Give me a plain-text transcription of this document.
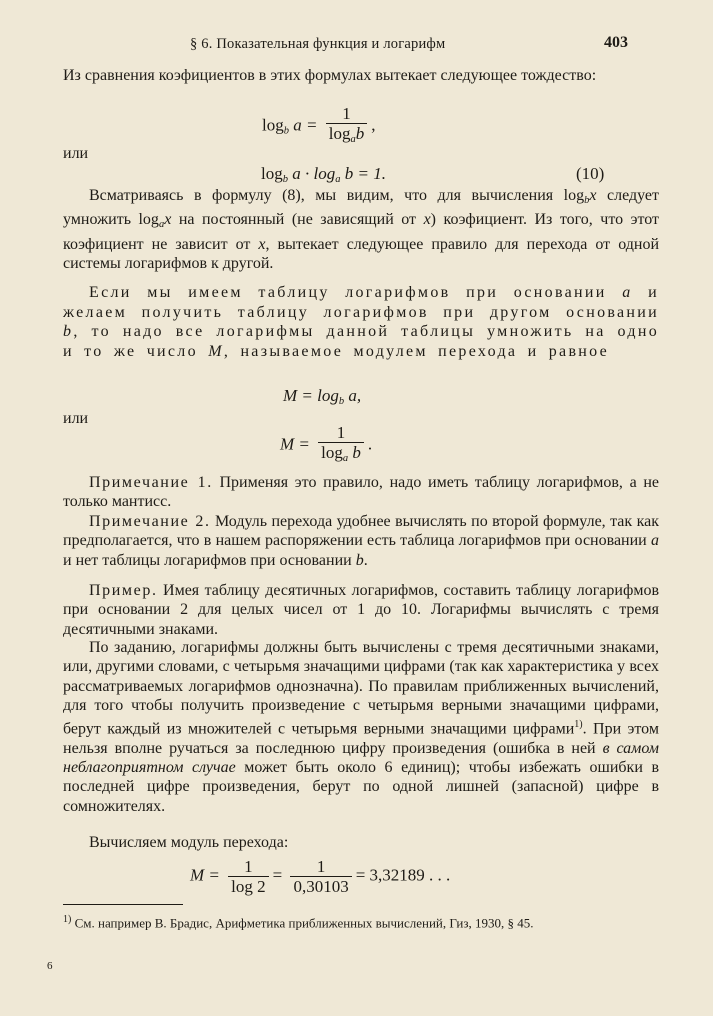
§ 6. Показательная функция и логарифм	403
Из сравнения коэфициентов в этих формулах вытекает следующее тождество:
$\log_b a = \frac{1}{\log_ab}$ ,
или
$\log_b a \cdot \log_a b = 1$.	(10)
Всматриваясь в формулу (8), мы видим, что для вычисления $\log_bx$ следует умножить $\log_ax$ на постоянный (не зависящий от x) коэфициент. Из того, что этот коэфициент не зависит от x, вытекает следующее правило для перехода от одной системы логарифмов к другой.
Если мы имеем таблицу логарифмов при основании a и желаем получить таблицу логарифмов при другом основании b, то надо все логарифмы данной таблицы умножить на одно и то же число M, называемое модулем перехода и равное
$M = \log_b a$,
или
$M = \frac{1}{\log_a b}$ .
Примечание 1. Применяя это правило, надо иметь таблицу логарифмов, а не только мантисс.
Примечание 2. Модуль перехода удобнее вычислять по второй формуле, так как предполагается, что в нашем распоряжении есть таблица логарифмов при основании a и нет таблицы логарифмов при основании b.
Пример. Имея таблицу десятичных логарифмов, составить таблицу логарифмов при основании 2 для целых чисел от 1 до 10. Логарифмы вычислять с тремя десятичными знаками.
По заданию, логарифмы должны быть вычислены с тремя десятичными знаками, или, другими словами, с четырьмя значащими цифрами (так как характеристика у всех рассматриваемых логарифмов однозначна). По правилам приближенных вычислений, для того чтобы получить произведение с четырьмя верными значащими цифрами, берут каждый из множителей с четырьмя верными значащими цифрами$^{1)}$. При этом нельзя вполне ручаться за последнюю цифру произведения (ошибка в ней в самом неблагоприятном случае может быть около 6 единиц); чтобы избежать ошибки в последней цифре произведения, берут по одной лишней (запасной) цифре в сомножителях.
Вычисляем модуль перехода:
$M = \frac{1}{\log 2} = \frac{1}{0,30103} = 3,32189$ . . .
$^{1)}$ См. например В. Брадис, Арифметика приближенных вычислений, Гиз, 1930, § 45.
6
